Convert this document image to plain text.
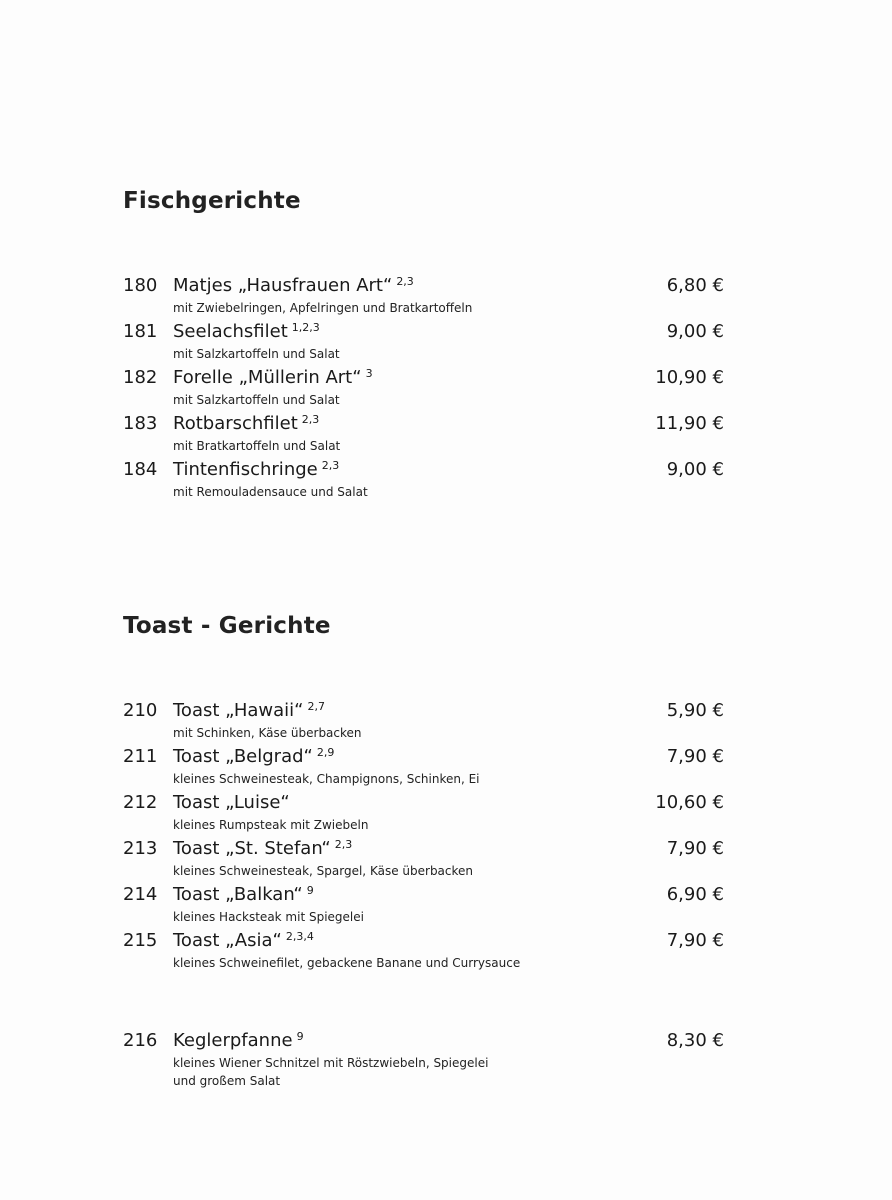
Fischgerichte
180 Matjes „Hausfrauen Art“ $^{2,3}$
mit Zwiebelringen, Apfelringen und Bratkartoffeln
6,80 €
181 Seelachsfilet $^{1,2,3}$
mit Salzkartoffeln und Salat
9,00 €
182 Forelle „Müllerin Art“ $^3$
mit Salzkartoffeln und Salat
10,90 €
183 Rotbarschfilet $^{2,3}$
mit Bratkartoffeln und Salat
11,90 €
184 Tintenfischringe $^{2,3}$
mit Remouladensauce und Salat
9,00 €
Toast - Gerichte
210 Toast „Hawaii“ $^{2,7}$
mit Schinken, Käse überbacken
5,90 €
211 Toast „Belgrad“ $^{2,9}$
kleines Schweinesteak, Champignons, Schinken, Ei
7,90 €
212 Toast „Luise“
kleines Rumpsteak mit Zwiebeln
10,60 €
213 Toast „St. Stefan“ $^{2,3}$
kleines Schweinesteak, Spargel, Käse überbacken
7,90 €
214 Toast „Balkan“ $^9$
kleines Hacksteak mit Spiegelei
6,90 €
215 Toast „Asia“ $^{2,3,4}$
kleines Schweinefilet, gebackene Banane und Currysauce
7,90 €
216 Keglerpfanne $^9$
kleines Wiener Schnitzel mit Röstzwiebeln, Spiegelei
und großem Salat
8,30 €
